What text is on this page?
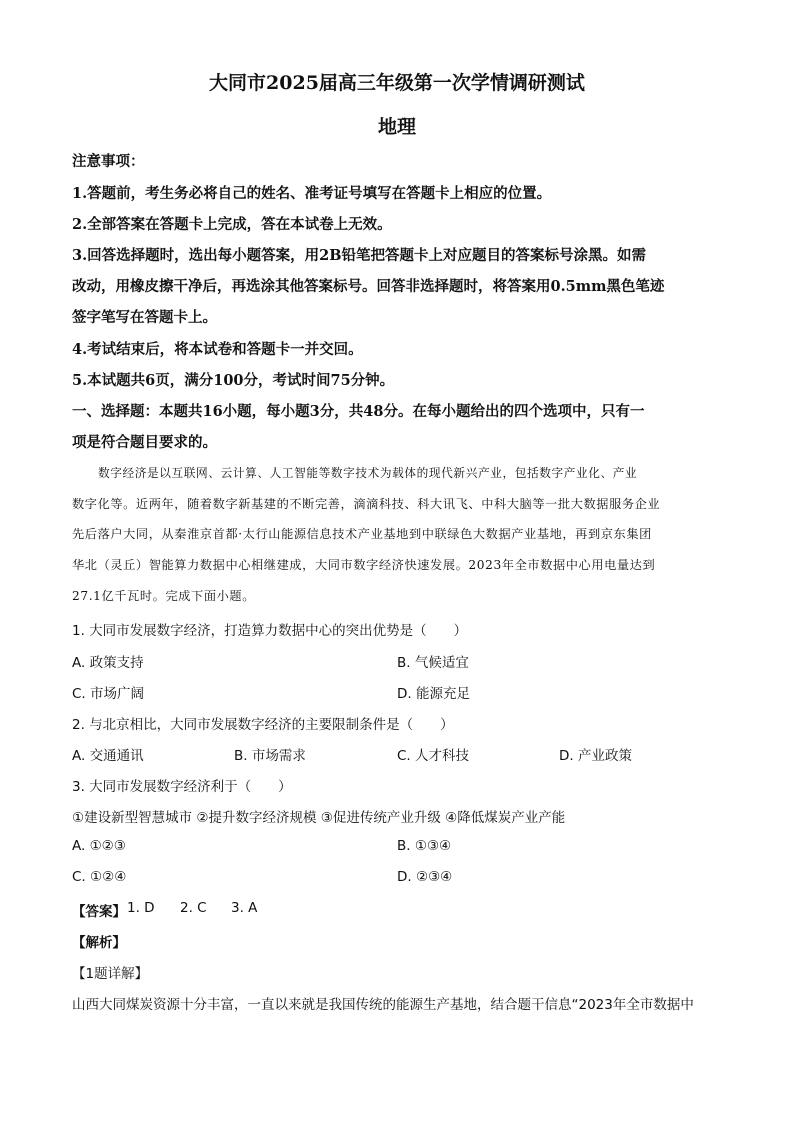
大同市2025届高三年级第一次学情调研测试
地理
注意事项：
1.答题前，考生务必将自己的姓名、准考证号填写在答题卡上相应的位置。
2.全部答案在答题卡上完成，答在本试卷上无效。
3.回答选择题时，选出每小题答案，用2B铅笔把答题卡上对应题目的答案标号涂黑。如需
改动，用橡皮擦干净后，再选涂其他答案标号。回答非选择题时，将答案用0.5mm黑色笔迹
签字笔写在答题卡上。
4.考试结束后，将本试卷和答题卡一并交回。
5.本试题共6页，满分100分，考试时间75分钟。
一、选择题：本题共16小题，每小题3分，共48分。在每小题给出的四个选项中，只有一
项是符合题目要求的。
数字经济是以互联网、云计算、人工智能等数字技术为载体的现代新兴产业，包括数字产业化、产业
数字化等。近两年，随着数字新基建的不断完善，滴滴科技、科大讯飞、中科大脑等一批大数据服务企业
先后落户大同，从秦淮京首都·太行山能源信息技术产业基地到中联绿色大数据产业基地，再到京东集团
华北（灵丘）智能算力数据中心相继建成，大同市数字经济快速发展。2023年全市数据中心用电量达到
27.1亿千瓦时。完成下面小题。
1. 大同市发展数字经济，打造算力数据中心的突出优势是（　　）
A. 政策支持	B. 气候适宜
C. 市场广阔	D. 能源充足
2. 与北京相比，大同市发展数字经济的主要限制条件是（　　）
A. 交通通讯	B. 市场需求	C. 人才科技	D. 产业政策
3. 大同市发展数字经济利于（　　）
①建设新型智慧城市 ②提升数字经济规模 ③促进传统产业升级 ④降低煤炭产业产能
A. ①②③	B. ①③④
C. ①②④	D. ②③④
【答案】 1. D 2. C 3. A
【解析】
【1题详解】
山西大同煤炭资源十分丰富，一直以来就是我国传统的能源生产基地，结合题干信息“2023年全市数据中
